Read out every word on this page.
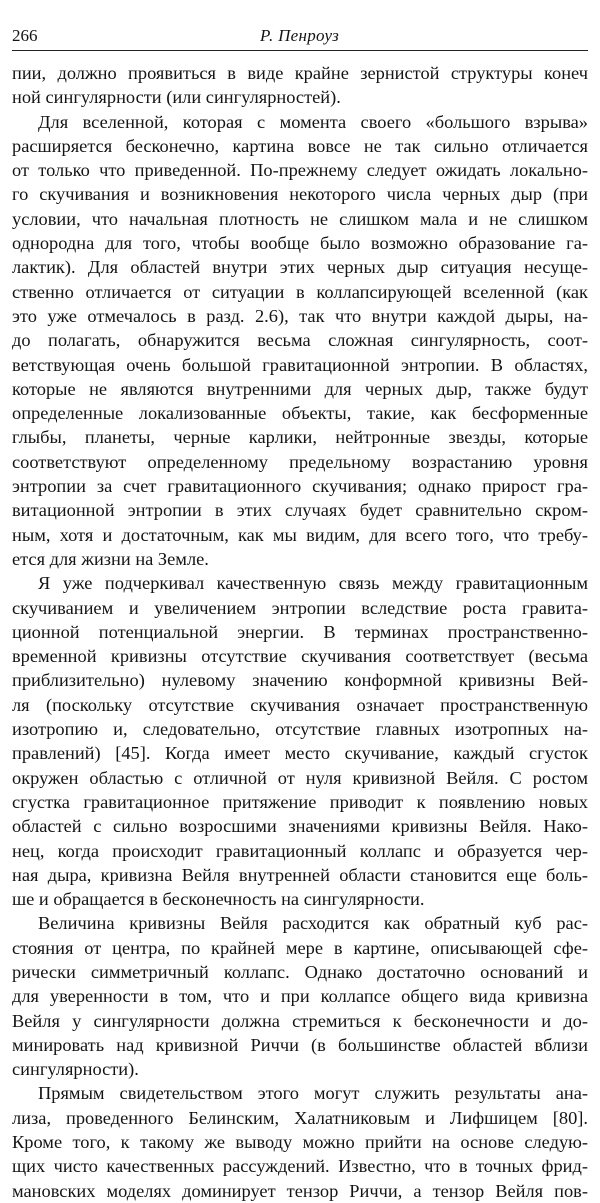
266	Р. Пенроуз
пии, должно проявиться в виде крайне зернистой структуры конеч
ной сингулярности (или сингулярностей).
Для вселенной, которая с момента своего «большого взрыва»
расширяется бесконечно, картина вовсе не так сильно отличается
от только что приведенной. По-прежнему следует ожидать локально-
го скучивания и возникновения некоторого числа черных дыр (при
условии, что начальная плотность не слишком мала и не слишком
однородна для того, чтобы вообще было возможно образование га-
лактик). Для областей внутри этих черных дыр ситуация несуще-
ственно отличается от ситуации в коллапсирующей вселенной (как
это уже отмечалось в разд. 2.6), так что внутри каждой дыры, на-
до полагать, обнаружится весьма сложная сингулярность, соот-
ветствующая очень большой гравитационной энтропии. В областях,
которые не являются внутренними для черных дыр, также будут
определенные локализованные объекты, такие, как бесформенные
глыбы, планеты, черные карлики, нейтронные звезды, которые
соответствуют определенному предельному возрастанию уровня
энтропии за счет гравитационного скучивания; однако прирост гра-
витационной энтропии в этих случаях будет сравнительно скром-
ным, хотя и достаточным, как мы видим, для всего того, что требу-
ется для жизни на Земле.
Я уже подчеркивал качественную связь между гравитационным
скучиванием и увеличением энтропии вследствие роста гравита-
ционной потенциальной энергии. В терминах пространственно-
временной кривизны отсутствие скучивания соответствует (весьма
приблизительно) нулевому значению конформной кривизны Вей-
ля (поскольку отсутствие скучивания означает пространственную
изотропию и, следовательно, отсутствие главных изотропных на-
правлений) [45]. Когда имеет место скучивание, каждый сгусток
окружен областью с отличной от нуля кривизной Вейля. С ростом
сгустка гравитационное притяжение приводит к появлению новых
областей с сильно возросшими значениями кривизны Вейля. Нако-
нец, когда происходит гравитационный коллапс и образуется чер-
ная дыра, кривизна Вейля внутренней области становится еще боль-
ше и обращается в бесконечность на сингулярности.
Величина кривизны Вейля расходится как обратный куб рас-
стояния от центра, по крайней мере в картине, описывающей сфе-
рически симметричный коллапс. Однако достаточно оснований и
для уверенности в том, что и при коллапсе общего вида кривизна
Вейля у сингулярности должна стремиться к бесконечности и до-
минировать над кривизной Риччи (в большинстве областей вблизи
сингулярности).
Прямым свидетельством этого могут служить результаты ана-
лиза, проведенного Белинским, Халатниковым и Лифшицем [80].
Кроме того, к такому же выводу можно прийти на основе следую-
щих чисто качественных рассуждений. Известно, что в точных фрид-
мановских моделях доминирует тензор Риччи, а тензор Вейля пов-
